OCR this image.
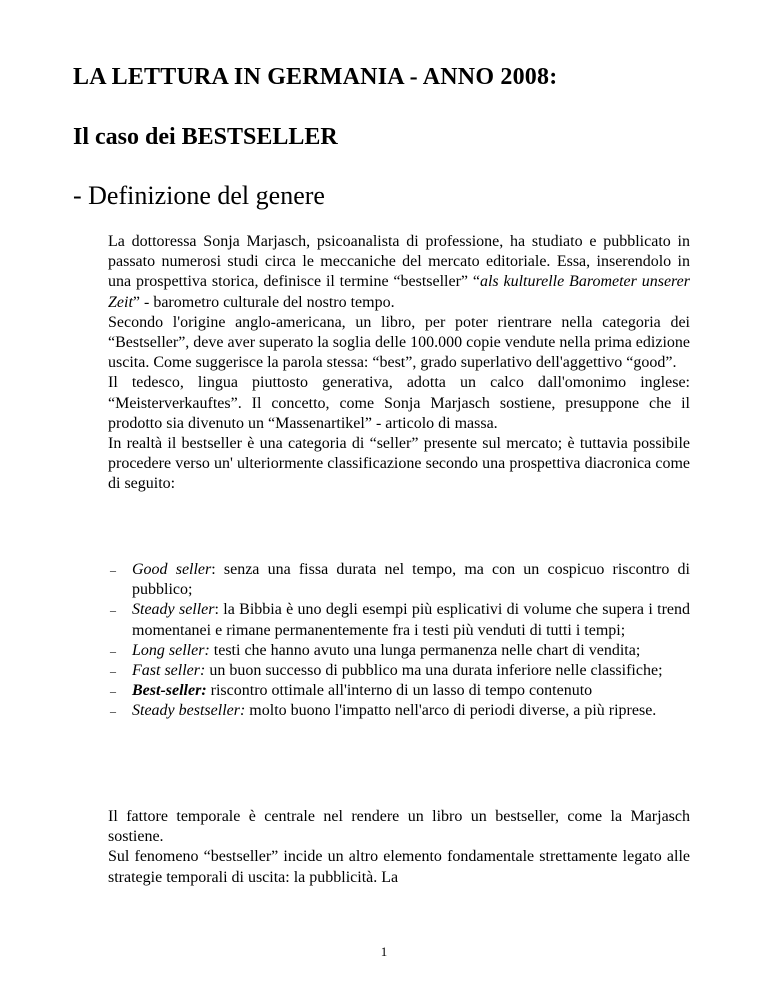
LA LETTURA IN GERMANIA - ANNO 2008:
Il caso dei BESTSELLER
- Definizione del genere

La dottoressa Sonja Marjasch, psicoanalista di professione, ha studiato e pubblicato in passato numerosi studi circa le meccaniche del mercato editoriale. Essa, inserendolo in una prospettiva storica, definisce il termine “bestseller” “als kulturelle Barometer unserer Zeit” - barometro culturale del nostro tempo.

Secondo l'origine anglo-americana, un libro, per poter rientrare nella categoria dei “Bestseller”, deve aver superato la soglia delle 100.000 copie vendute nella prima edizione uscita. Come suggerisce la parola stessa: “best”, grado superlativo dell'aggettivo “good”.

Il tedesco, lingua piuttosto generativa, adotta un calco dall'omonimo inglese: “Meisterverkauftes”. Il concetto, come Sonja Marjasch sostiene, presuppone che il prodotto sia divenuto un “Massenartikel” - articolo di massa.

In realtà il bestseller è una categoria di “seller” presente sul mercato; è tuttavia possibile procedere verso un' ulteriormente classificazione secondo una prospettiva diacronica come di seguito:

– Good seller: senza una fissa durata nel tempo, ma con un cospicuo riscontro di pubblico;
– Steady seller: la Bibbia è uno degli esempi più esplicativi di volume che supera i trend momentanei e rimane permanentemente fra i testi più venduti di tutti i tempi;
– Long seller: testi che hanno avuto una lunga permanenza nelle chart di vendita;
– Fast seller: un buon successo di pubblico ma una durata inferiore nelle classifiche;
– Best-seller: riscontro ottimale all'interno di un lasso di tempo contenuto
– Steady bestseller: molto buono l'impatto nell'arco di periodi diverse, a più riprese.

Il fattore temporale è centrale nel rendere un libro un bestseller, come la Marjasch sostiene.

Sul fenomeno “bestseller” incide un altro elemento fondamentale strettamente legato alle strategie temporali di uscita: la pubblicità. La

1
